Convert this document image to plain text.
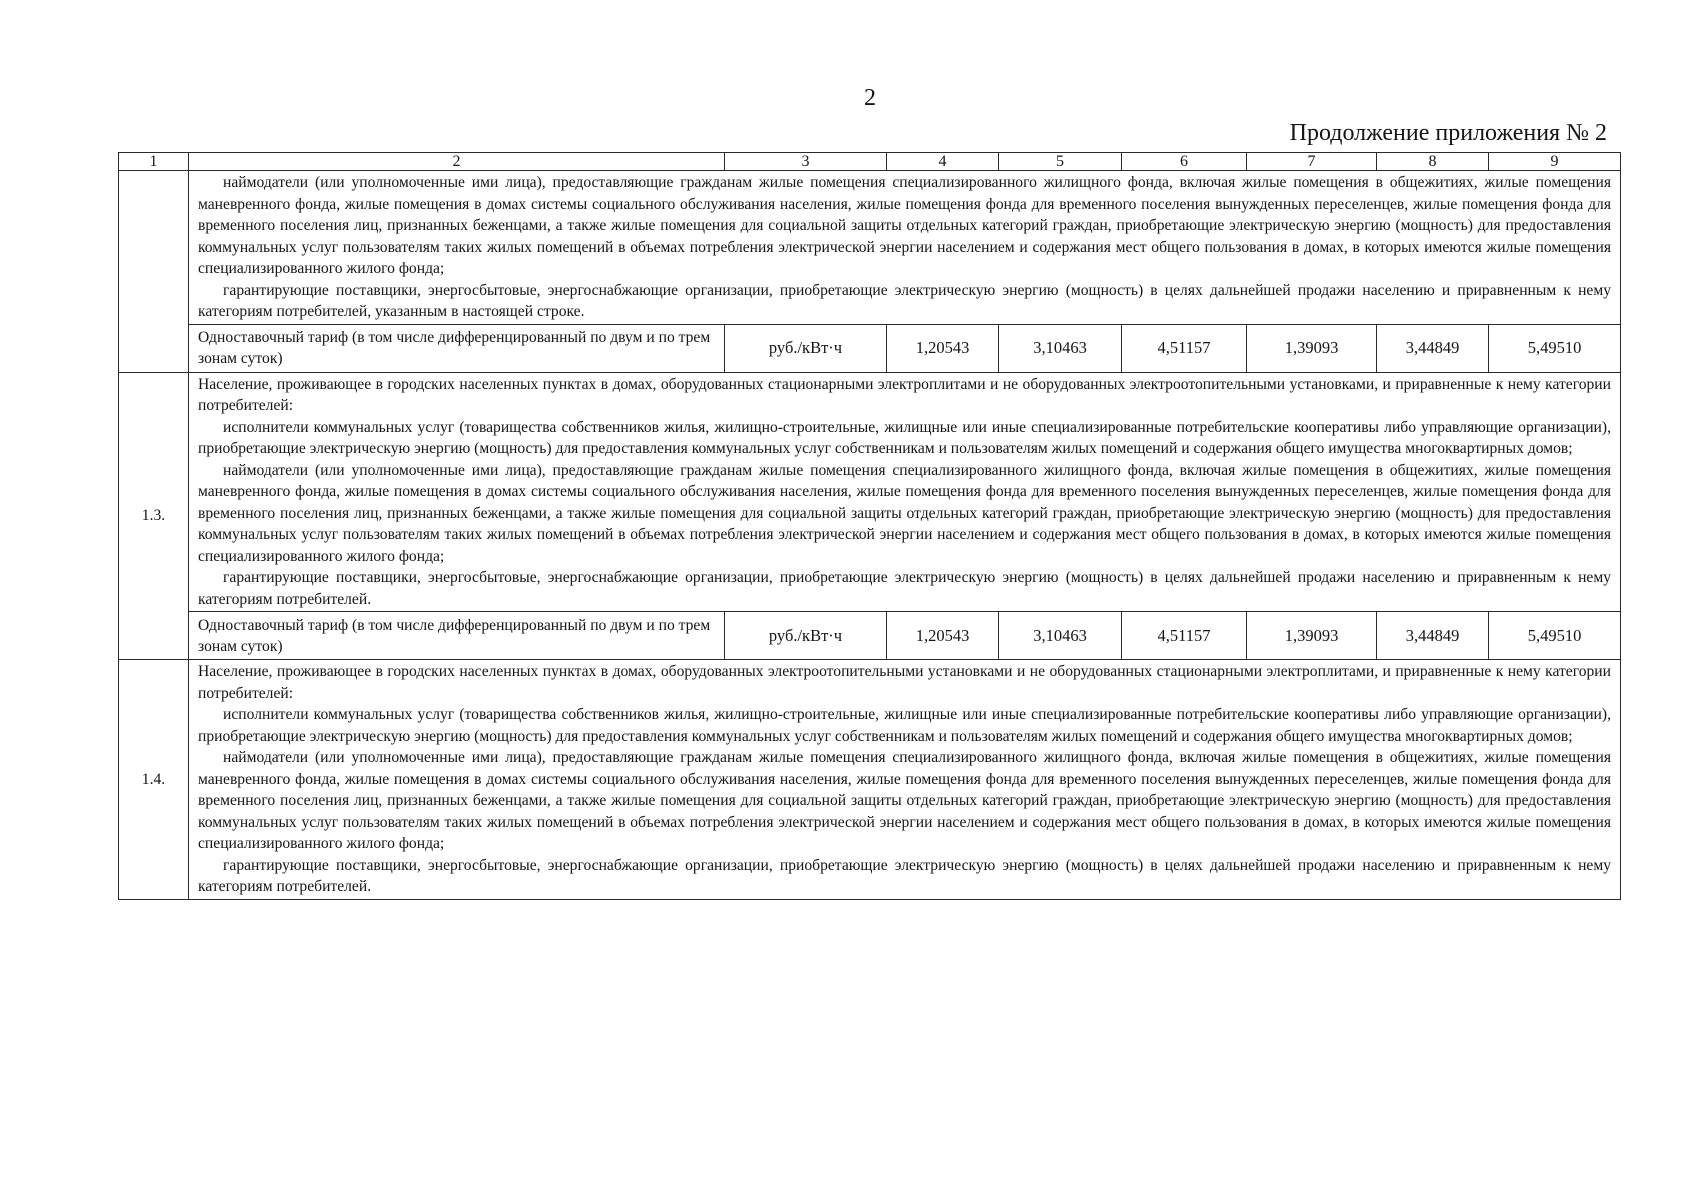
2
Продолжение приложения № 2
1	2	3	4	5	6	7	8	9

	наймодатели (или уполномоченные ими лица), предоставляющие гражданам жилые помещения специализированного жилищного фонда, включая жилые помещения в общежитиях, жилые помещения маневренного фонда, жилые помещения в домах системы социального обслуживания населения, жилые помещения фонда для временного поселения вынужденных переселенцев, жилые помещения фонда для временного поселения лиц, признанных беженцами, а также жилые помещения для социальной защиты отдельных категорий граждан, приобретающие электрическую энергию (мощность) для предоставления коммунальных услуг пользователям таких жилых помещений в объемах потребления электрической энергии населением и содержания мест общего пользования в домах, в которых имеются жилые помещения специализированного жилого фонда;

гарантирующие поставщики, энергосбытовые, энергоснабжающие организации, приобретающие электрическую энергию (мощность) в целях дальнейшей продажи населению и приравненным к нему категориям потребителей, указанным в настоящей строке.							

	Одноставочный тариф (в том числе дифференцированный по двум и по трем зонам суток)	руб./кВт·ч	1,20543	3,10463	4,51157	1,39093	3,44849	5,49510
1.3.	Население, проживающее в городских населенных пунктах в домах, оборудованных стационарными электроплитами и не оборудованных электроотопительными установками, и приравненные к нему категории потребителей:

исполнители коммунальных услуг (товарищества собственников жилья, жилищно-строительные, жилищные или иные специализированные потребительские кооперативы либо управляющие организации), приобретающие электрическую энергию (мощность) для предоставления коммунальных услуг собственникам и пользователям жилых помещений и содержания общего имущества многоквартирных домов;

наймодатели (или уполномоченные ими лица), предоставляющие гражданам жилые помещения специализированного жилищного фонда, включая жилые помещения в общежитиях, жилые помещения маневренного фонда, жилые помещения в домах системы социального обслуживания населения, жилые помещения фонда для временного поселения вынужденных переселенцев, жилые помещения фонда для временного поселения лиц, признанных беженцами, а также жилые помещения для социальной защиты отдельных категорий граждан, приобретающие электрическую энергию (мощность) для предоставления коммунальных услуг пользователям таких жилых помещений в объемах потребления электрической энергии населением и содержания мест общего пользования в домах, в которых имеются жилые помещения специализированного жилого фонда;

гарантирующие поставщики, энергосбытовые, энергоснабжающие организации, приобретающие электрическую энергию (мощность) в целях дальнейшей продажи населению и приравненным к нему категориям потребителей.							

	Одноставочный тариф (в том числе дифференцированный по двум и по трем зонам суток)	руб./кВт·ч	1,20543	3,10463	4,51157	1,39093	3,44849	5,49510
1.4.	Население, проживающее в городских населенных пунктах в домах, оборудованных электроотопительными установками и не оборудованных стационарными электроплитами, и приравненные к нему категории потребителей:

исполнители коммунальных услуг (товарищества собственников жилья, жилищно-строительные, жилищные или иные специализированные потребительские кооперативы либо управляющие организации), приобретающие электрическую энергию (мощность) для предоставления коммунальных услуг собственникам и пользователям жилых помещений и содержания общего имущества многоквартирных домов;

наймодатели (или уполномоченные ими лица), предоставляющие гражданам жилые помещения специализированного жилищного фонда, включая жилые помещения в общежитиях, жилые помещения маневренного фонда, жилые помещения в домах системы социального обслуживания населения, жилые помещения фонда для временного поселения вынужденных переселенцев, жилые помещения фонда для временного поселения лиц, признанных беженцами, а также жилые помещения для социальной защиты отдельных категорий граждан, приобретающие электрическую энергию (мощность) для предоставления коммунальных услуг пользователям таких жилых помещений в объемах потребления электрической энергии населением и содержания мест общего пользования в домах, в которых имеются жилые помещения специализированного жилого фонда;

гарантирующие поставщики, энергосбытовые, энергоснабжающие организации, приобретающие электрическую энергию (мощность) в целях дальнейшей продажи населению и приравненным к нему категориям потребителей.							
